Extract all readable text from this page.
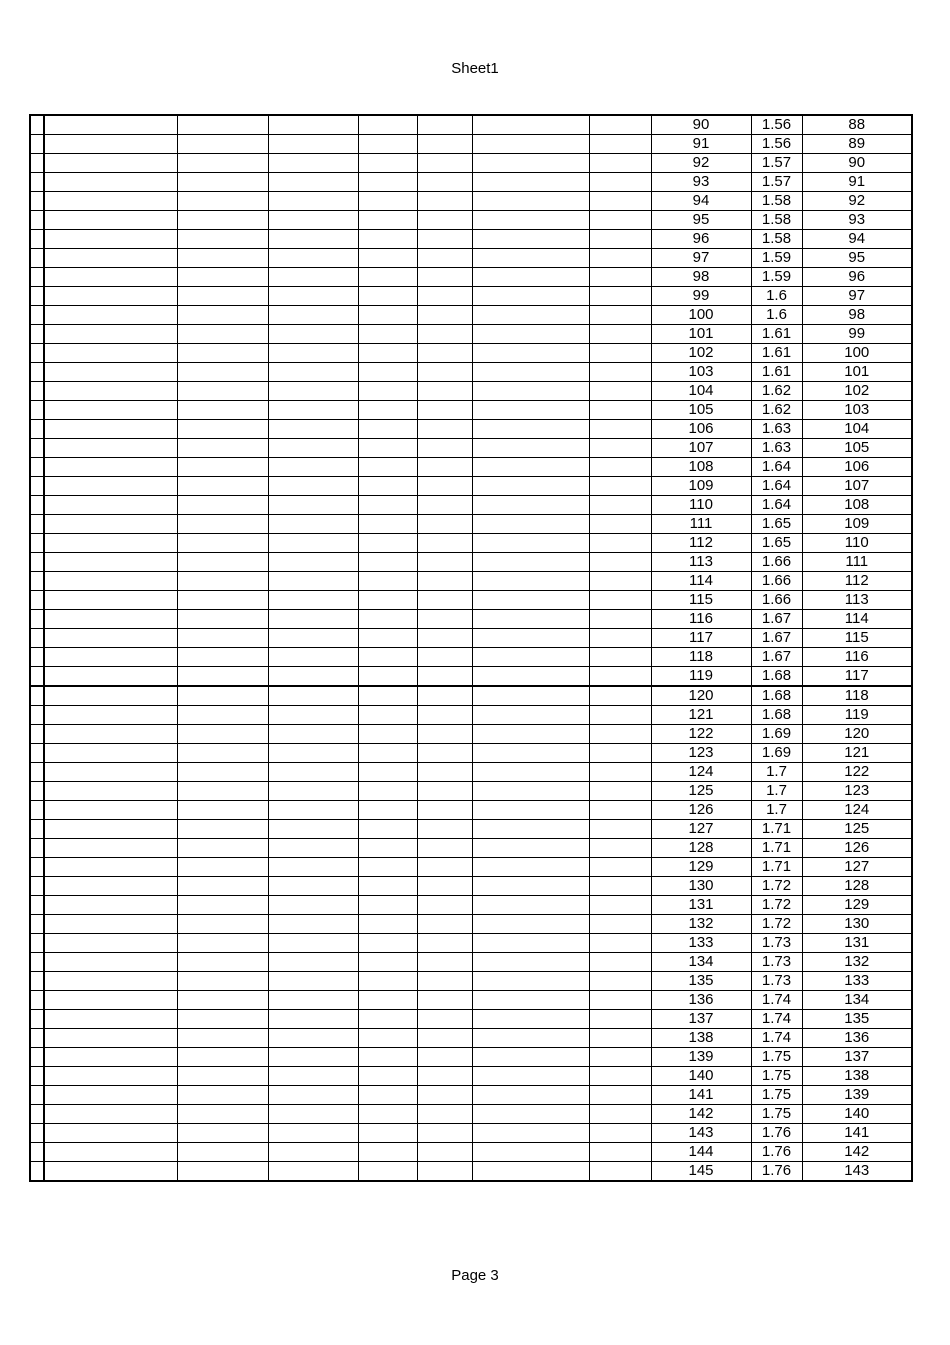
Sheet1
								90	1.56	88
								91	1.56	89
								92	1.57	90
								93	1.57	91
								94	1.58	92
								95	1.58	93
								96	1.58	94
								97	1.59	95
								98	1.59	96
								99	1.6	97
								100	1.6	98
								101	1.61	99
								102	1.61	100
								103	1.61	101
								104	1.62	102
								105	1.62	103
								106	1.63	104
								107	1.63	105
								108	1.64	106
								109	1.64	107
								110	1.64	108
								111	1.65	109
								112	1.65	110
								113	1.66	111
								114	1.66	112
								115	1.66	113
								116	1.67	114
								117	1.67	115
								118	1.67	116
								119	1.68	117
								120	1.68	118
								121	1.68	119
								122	1.69	120
								123	1.69	121
								124	1.7	122
								125	1.7	123
								126	1.7	124
								127	1.71	125
								128	1.71	126
								129	1.71	127
								130	1.72	128
								131	1.72	129
								132	1.72	130
								133	1.73	131
								134	1.73	132
								135	1.73	133
								136	1.74	134
								137	1.74	135
								138	1.74	136
								139	1.75	137
								140	1.75	138
								141	1.75	139
								142	1.75	140
								143	1.76	141
								144	1.76	142
								145	1.76	143
Page 3
